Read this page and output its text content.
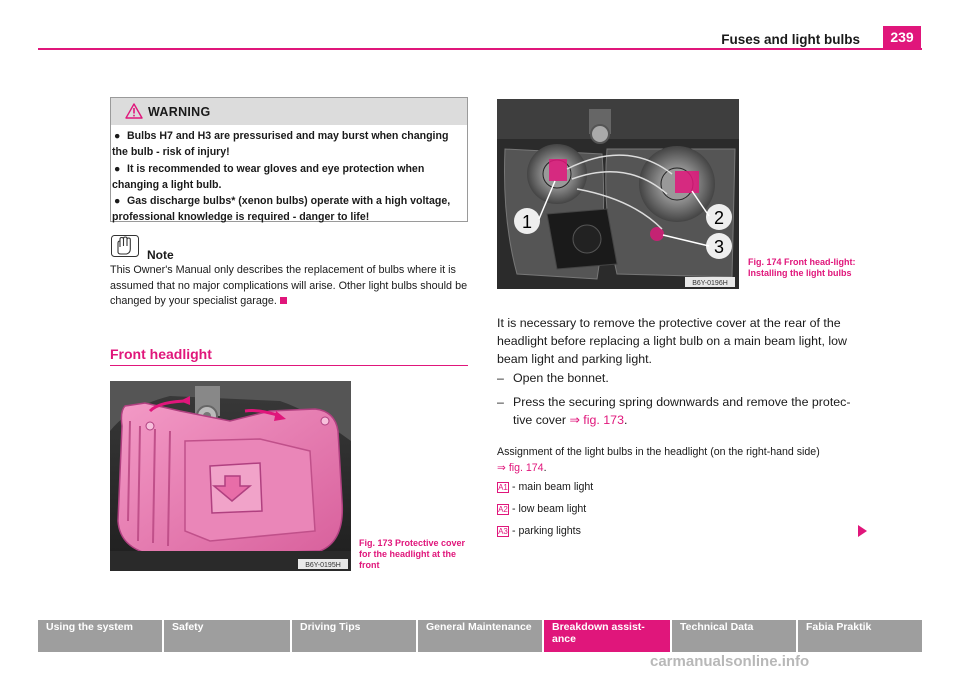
Fuses and light bulbs	239
WARNING
● Bulbs H7 and H3 are pressurised and may burst when changing the bulb - risk of injury!
● It is recommended to wear gloves and eye protection when changing a light bulb.
● Gas discharge bulbs* (xenon bulbs) operate with a high voltage, professional knowledge is required - danger to life!
Note
This Owner's Manual only describes the replacement of bulbs where it is assumed that no major complications will arise. Other light bulbs should be changed by your specialist garage.
Front headlight
B6Y-0195H
Fig. 173 Protective cover for the headlight at the front
1	2
3
B6Y-0196H
Fig. 174 Front head-light: Installing the light bulbs
It is necessary to remove the protective cover at the rear of the headlight before replacing a light bulb on a main beam light, low beam light and parking light.
– Open the bonnet.
– Press the securing spring downwards and remove the protec-
tive cover ⇒ fig. 173.
Assignment of the light bulbs in the headlight (on the right-hand side)
⇒ fig. 174.
A1 - main beam light
A2 - low beam light
A3 - parking lights
Using the system	Safety	Driving Tips	General Maintenance	Breakdown assist-
ance
Technical Data	Fabia Praktik
carmanualsonline.info
